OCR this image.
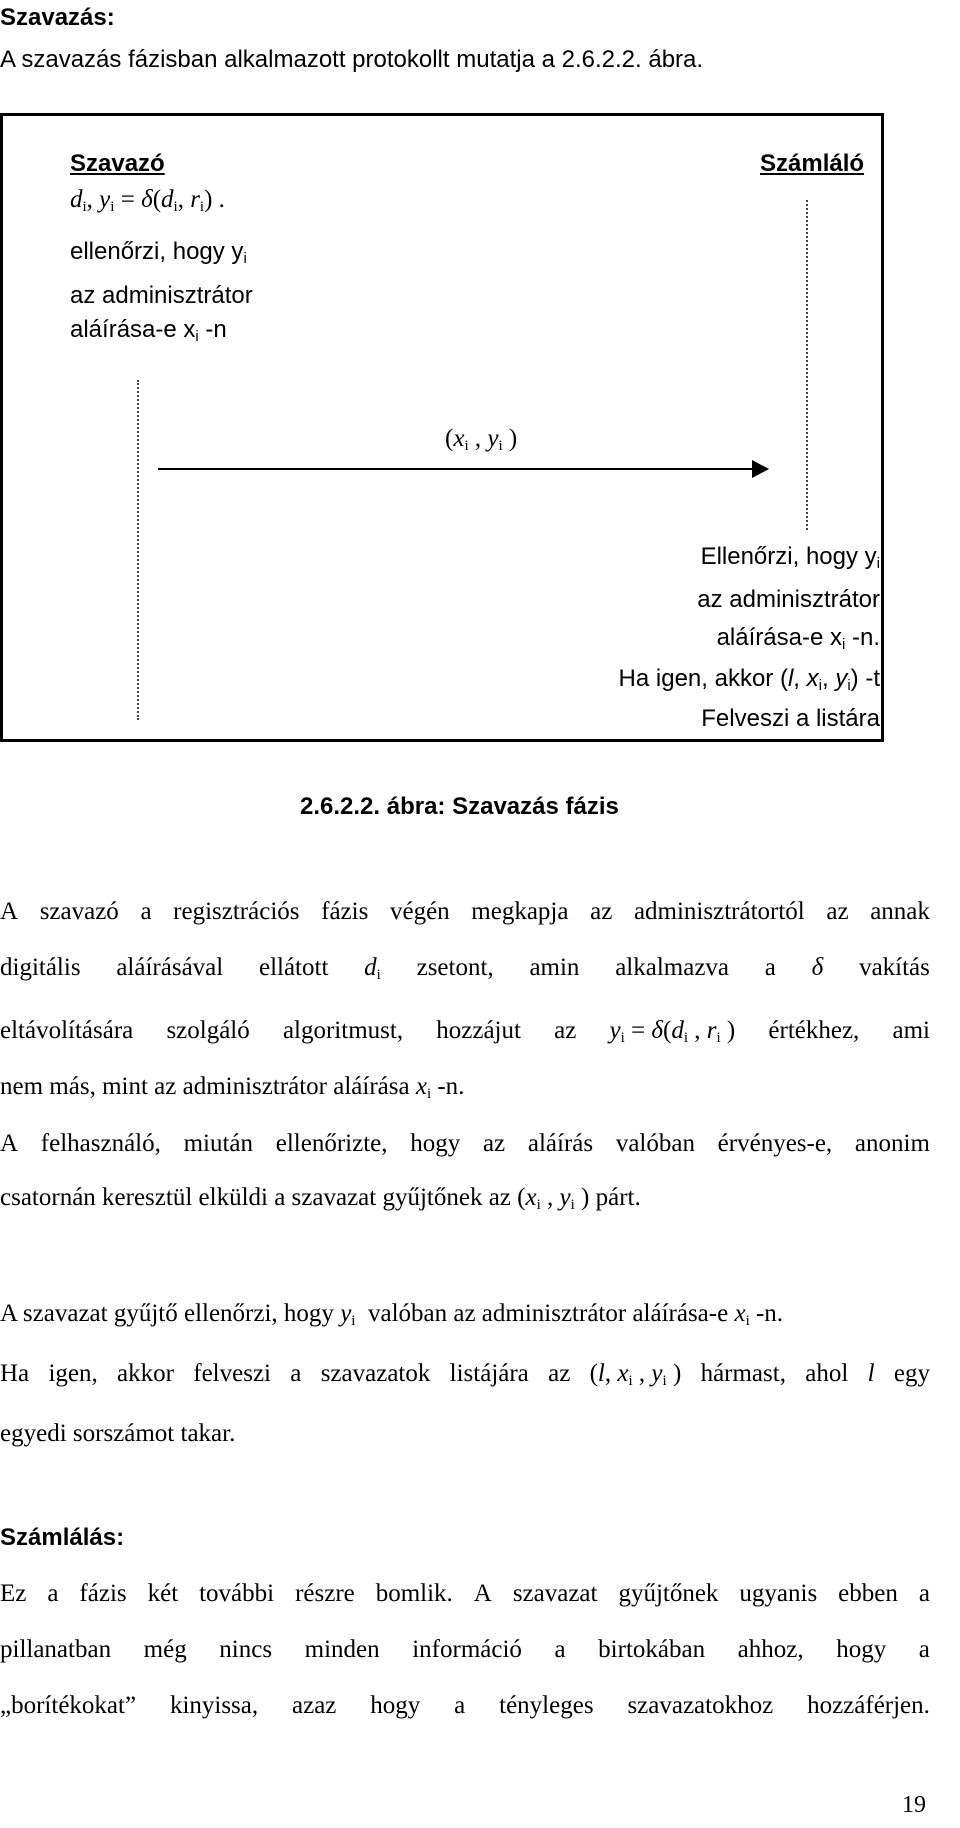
Szavazás:
A szavazás fázisban alkalmazott protokollt mutatja a 2.6.2.2. ábra.
Szavazó	Számláló
$d_i$, $y_i = \delta(d_i$, $r_i$) .
ellenőrzi, hogy $y_i$
az adminisztrátor
aláírása-e $x_i$ -n
($x_i$ , $y_i$ )
Ellenőrzi, hogy $y_i$
az adminisztrátor
aláírása-e $x_i$ -n.
Ha igen, akkor (l, $x_i$, $y_i$) -t
Felveszi a listára
2.6.2.2. ábra: Szavazás fázis
A szavazó a regisztrációs fázis végén megkapja az adminisztrátortól az annak
digitális aláírásával ellátott $d_i$ zsetont, amin alkalmazva a δ vakítás
eltávolítására szolgáló algoritmust, hozzájut az $y_i = \delta(d_i$ , $r_i$ ) értékhez, ami
nem más, mint az adminisztrátor aláírása $x_i$ -n.
A felhasználó, miután ellenőrizte, hogy az aláírás valóban érvényes-e, anonim
csatornán keresztül elküldi a szavazat gyűjtőnek az ($x_i$ , $y_i$ ) párt.
A szavazat gyűjtő ellenőrzi, hogy $y_i$  valóban az adminisztrátor aláírása-e $x_i$ -n.
Ha igen, akkor felveszi a szavazatok listájára az (l, $x_i$ , $y_i$ ) hármast, ahol l egy
egyedi sorszámot takar.
Számlálás:
Ez a fázis két további részre bomlik. A szavazat gyűjtőnek ugyanis ebben a
pillanatban még nincs minden információ a birtokában ahhoz, hogy a
„borítékokat” kinyissa, azaz hogy a tényleges szavazatokhoz hozzáférjen.
19
